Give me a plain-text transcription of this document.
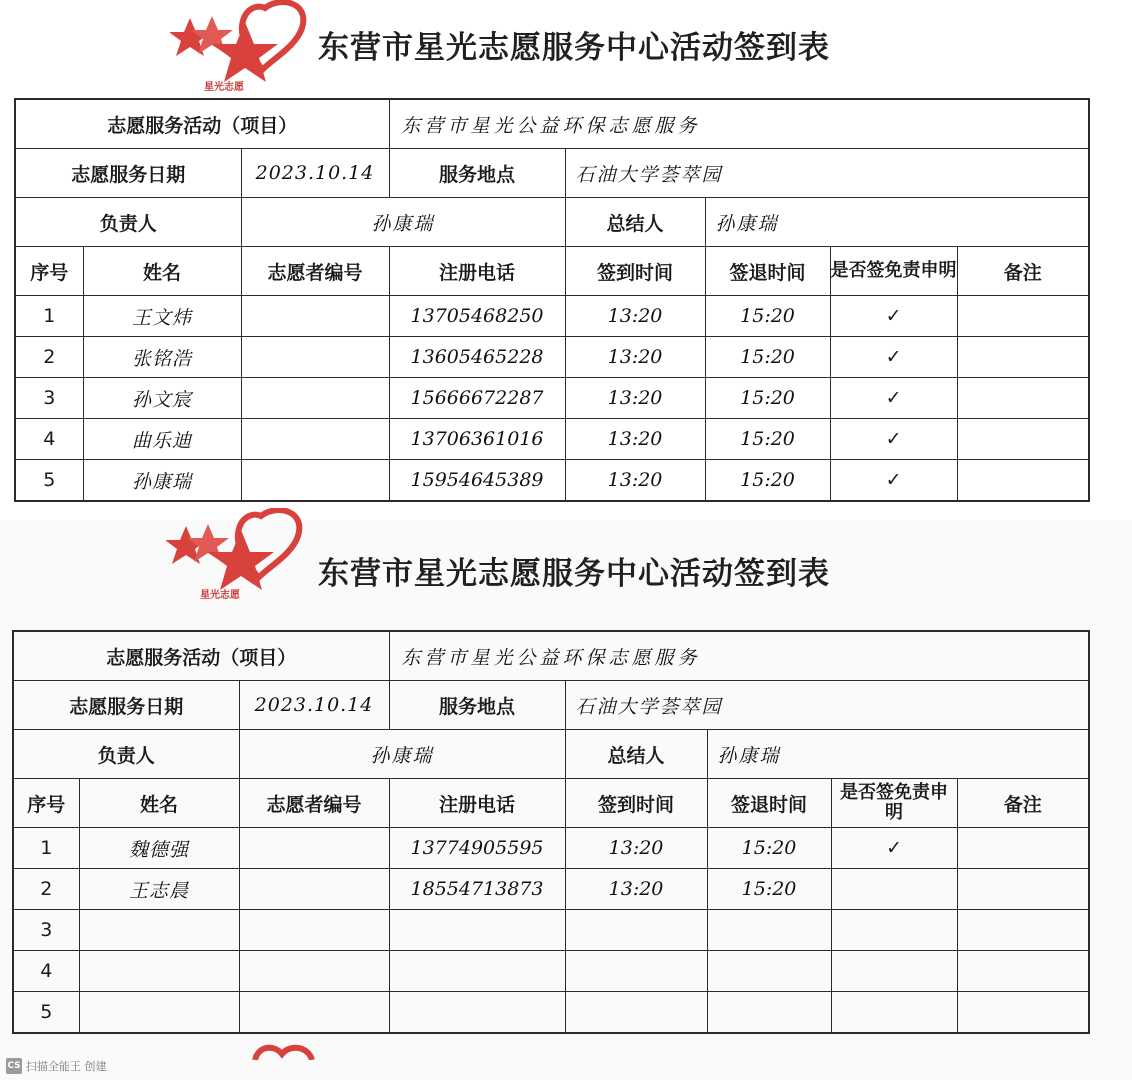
星光志愿
东营市星光志愿服务中心活动签到表
志愿服务活动（项目）			东营市星光公益环保志愿服务				
志愿服务日期		2023.10.14	服务地点	石油大学荟萃园			
负责人		孙康瑞		总结人	孙康瑞		
序号	姓名	志愿者编号	注册电话	签到时间	签退时间	是否签免责申明	备注
1	王文炜		13705468250	13:20	15:20	✓	
2	张铭浩		13605465228	13:20	15:20	✓	
3	孙文宸		15666672287	13:20	15:20	✓	
4	曲乐迪		13706361016	13:20	15:20	✓	
5	孙康瑞		15954645389	13:20	15:20	✓	
星光志愿
东营市星光志愿服务中心活动签到表
志愿服务活动（项目）			东营市星光公益环保志愿服务				
志愿服务日期		2023.10.14	服务地点	石油大学荟萃园			
负责人		孙康瑞		总结人	孙康瑞		
序号	姓名	志愿者编号	注册电话	签到时间	签退时间	是否签免责申明	备注
1	魏德强		13774905595	13:20	15:20	✓	
2	王志晨		18554713873	13:20	15:20		
3							
4							
5							
CS 扫描全能王 创建
